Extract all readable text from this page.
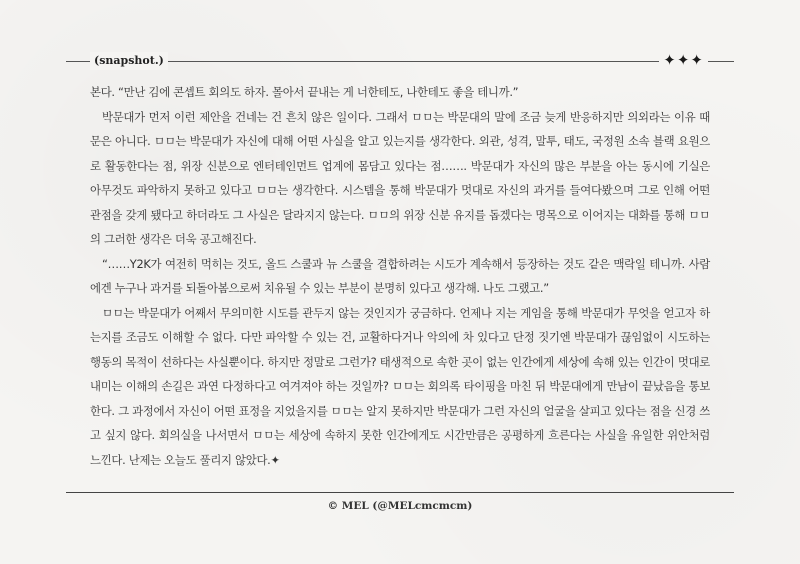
(snapshot.)	✦✦✦

본다. “만난 김에 콘셉트 회의도 하자. 몰아서 끝내는 게 너한테도, 나한테도 좋을 테니까.”

박문대가 먼저 이런 제안을 건네는 건 흔치 않은 일이다. 그래서 ㅁㅁ는 박문대의 말에 조금 늦게 반응하지만 의외라는 이유 때문은 아니다. ㅁㅁ는 박문대가 자신에 대해 어떤 사실을 알고 있는지를 생각한다. 외관, 성격, 말투, 태도, 국정원 소속 블랙 요원으로 활동한다는 점, 위장 신분으로 엔터테인먼트 업계에 몸담고 있다는 점……. 박문대가 자신의 많은 부분을 아는 동시에 기실은 아무것도 파악하지 못하고 있다고 ㅁㅁ는 생각한다. 시스템을 통해 박문대가 멋대로 자신의 과거를 들여다봤으며 그로 인해 어떤 관점을 갖게 됐다고 하더라도 그 사실은 달라지지 않는다. ㅁㅁ의 위장 신분 유지를 돕겠다는 명목으로 이어지는 대화를 통해 ㅁㅁ의 그러한 생각은 더욱 공고해진다.

“……Y2K가 여전히 먹히는 것도, 올드 스쿨과 뉴 스쿨을 결합하려는 시도가 계속해서 등장하는 것도 같은 맥락일 테니까. 사람에겐 누구나 과거를 되돌아봄으로써 치유될 수 있는 부분이 분명히 있다고 생각해. 나도 그랬고.”

ㅁㅁ는 박문대가 어째서 무의미한 시도를 관두지 않는 것인지가 궁금하다. 언제나 지는 게임을 통해 박문대가 무엇을 얻고자 하는지를 조금도 이해할 수 없다. 다만 파악할 수 있는 건, 교활하다거나 악의에 차 있다고 단정 짓기엔 박문대가 끊임없이 시도하는 행동의 목적이 선하다는 사실뿐이다. 하지만 정말로 그런가? 태생적으로 속한 곳이 없는 인간에게 세상에 속해 있는 인간이 멋대로 내미는 이해의 손길은 과연 다정하다고 여겨져야 하는 것일까? ㅁㅁ는 회의록 타이핑을 마친 뒤 박문대에게 만남이 끝났음을 통보한다. 그 과정에서 자신이 어떤 표정을 지었을지를 ㅁㅁ는 알지 못하지만 박문대가 그런 자신의 얼굴을 살피고 있다는 점을 신경 쓰고 싶지 않다. 회의실을 나서면서 ㅁㅁ는 세상에 속하지 못한 인간에게도 시간만큼은 공평하게 흐른다는 사실을 유일한 위안처럼 느낀다. 난제는 오늘도 풀리지 않았다.✦

© MEL (@MELcmcmcm)
